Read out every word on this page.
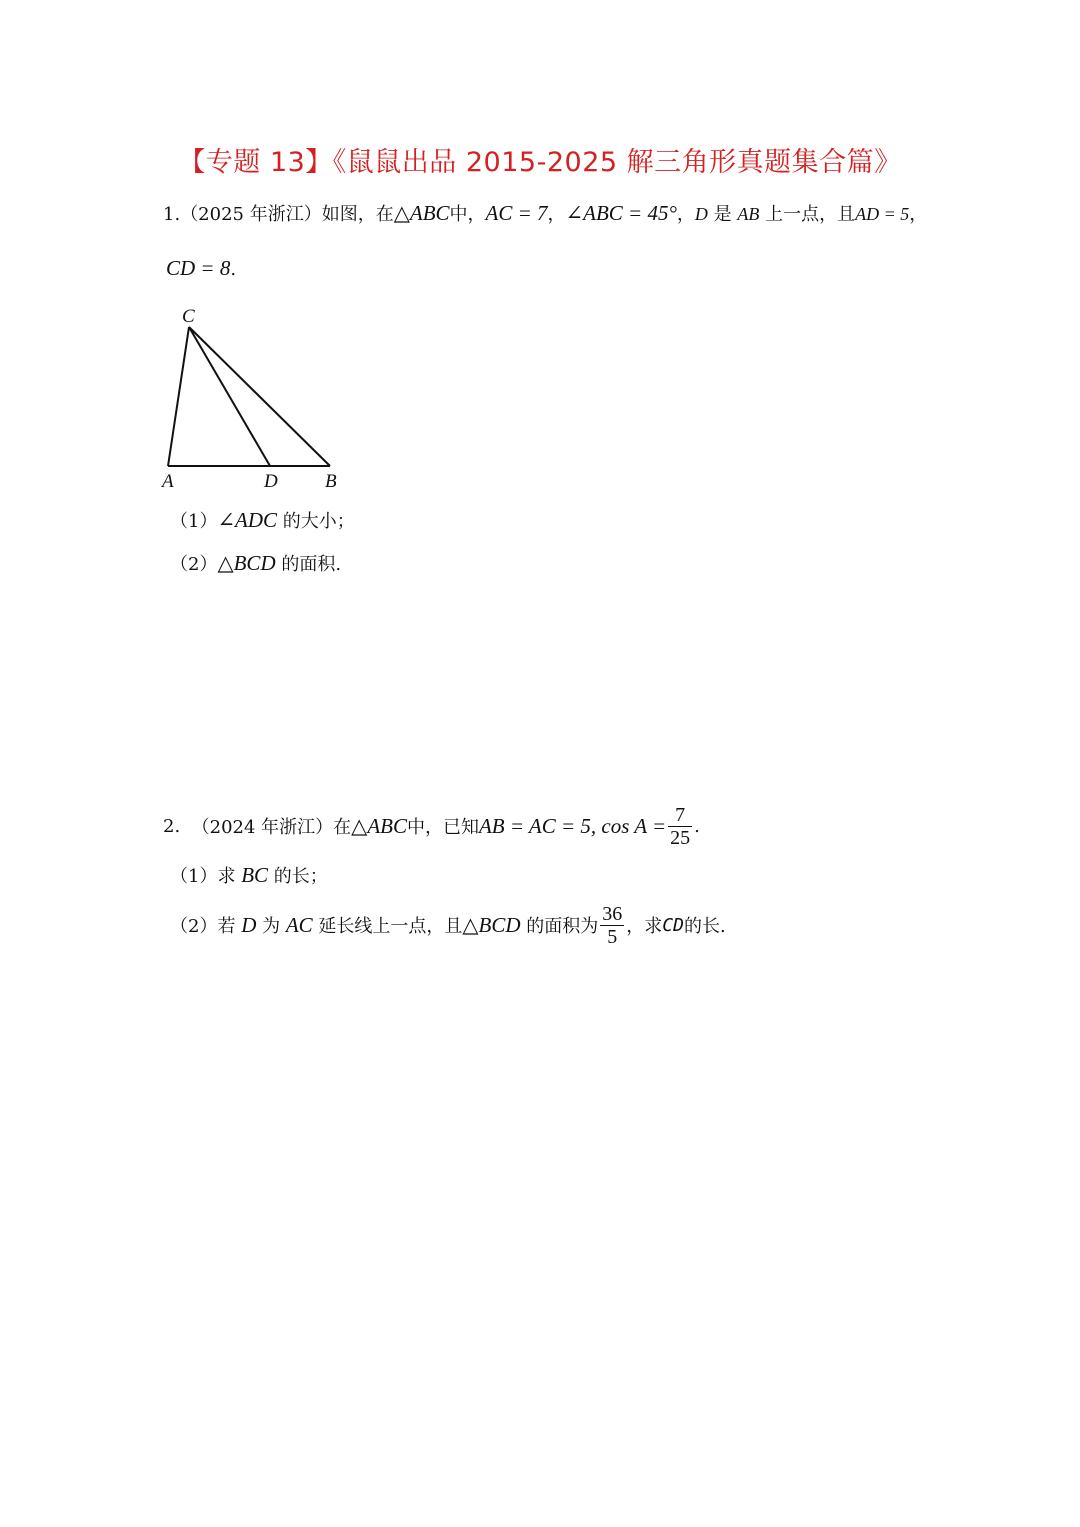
【专题 13】《鼠鼠出品 2015-2025 解三角形真题集合篇》
1.（2025 年浙江）如图，在△ABC中，AC = 7，∠ABC = 45°，D 是 AB 上一点，且AD = 5，
CD = 8.
C
A	D B
（1）∠ADC 的大小；
（2）△BCD 的面积.
2.
（2024 年浙江）在 △ABC 中，已知 AB = AC = 5, $\cos A = \frac{7}{25}$ .
（1）求 BC 的长；
（2）若
D
为
AC
延长线上一点，且 △BCD
的面积为 $\frac{36}{5}$ ，求 CD 的长.
